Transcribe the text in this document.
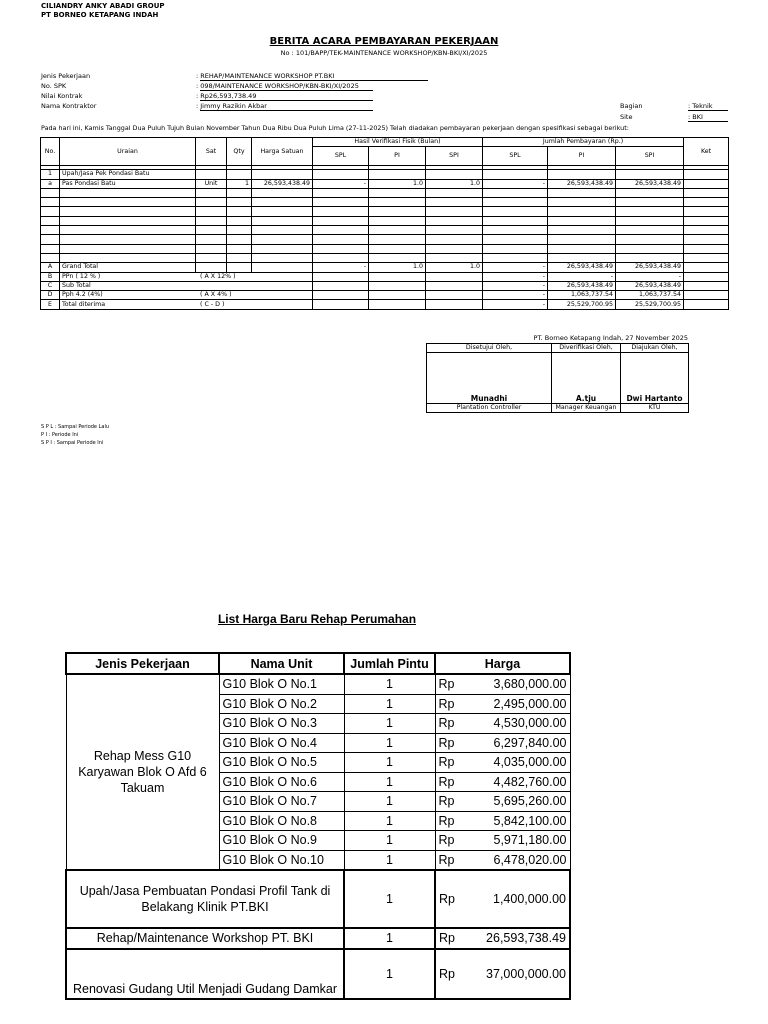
CILIANDRY ANKY ABADI GROUP
PT BORNEO KETAPANG INDAH
BERITA ACARA PEMBAYARAN PEKERJAAN
No : 101/BAPP/TEK-MAINTENANCE WORKSHOP/KBN-BKI/XI/2025
Jenis Pekerjaan	: REHAP/MAINTENANCE WORKSHOP PT.BKI
No. SPK	: 098/MAINTENANCE WORKSHOP/KBN-BKI/XI/2025
Nilai Kontrak	: Rp26,593,738.49
Nama Kontraktor	: Jimmy Razikin Akbar	Bagian	: Teknik
Site	: BKI
Pada hari ini, Kamis Tanggal Dua Puluh Tujuh Bulan November Tahun Dua Ribu Dua Puluh Lima (27-11-2025) Telah diadakan pembayaran pekerjaan dengan spesifikasi sebagai berikut:
No.	Uraian	Sat	Qty	Harga Satuan	Hasil Verifikasi Fisik (Bulan)			Jumlah Pembayaran (Rp.)			Ket
					SPL	PI	SPI	SPL	PI	SPI	

1	Upah/Jasa Pek Pondasi Batu										
a	Pas Pondasi Batu	Unit	1	26,593,438.49	-	1.0	1.0	-	26,593,438.49	26,593,438.49	

A	Grand Total				-	1.0	1.0	-	26,593,438.49	26,593,438.49	
B	PPn ( 12 % ) ( A X 12% )							-	-	-	
C	Sub Total							-	26,593,438.49	26,593,438.49	
D	Pph 4.2 (4%) ( A X 4% )							-	1,063,737.54	1,063,737.54	
E	Total diterima ( C - D )							-	25,529,700.95	25,529,700.95	
PT. Borneo Ketapang Indah, 27 November 2025
Disetujui Oleh,	Diverifikasi Oleh,	Diajukan Oleh,
Munadhi	A.tju	Dwi Hartanto
Plantation Controller	Manager Keuangan	KTU
S P L : Sampai Periode Lalu
P I : Periode Ini
S P I : Sampai Periode Ini
List Harga Baru Rehap Perumahan
Jenis Pekerjaan	Nama Unit	Jumlah Pintu	Harga	
Rehap Mess G10 Karyawan Blok O Afd 6 Takuam	G10 Blok O No.1	1	Rp	3,680,000.00
	G10 Blok O No.2	1	Rp	2,495,000.00
	G10 Blok O No.3	1	Rp	4,530,000.00
	G10 Blok O No.4	1	Rp	6,297,840.00
	G10 Blok O No.5	1	Rp	4,035,000.00
	G10 Blok O No.6	1	Rp	4,482,760.00
	G10 Blok O No.7	1	Rp	5,695,260.00
	G10 Blok O No.8	1	Rp	5,842,100.00
	G10 Blok O No.9	1	Rp	5,971,180.00
	G10 Blok O No.10	1	Rp	6,478,020.00
Upah/Jasa Pembuatan Pondasi Profil Tank di Belakang Klinik PT.BKI		1	Rp	1,400,000.00
Rehap/Maintenance Workshop PT. BKI		1	Rp	26,593,738.49
Renovasi Gudang Util Menjadi Gudang Damkar		1	Rp	37,000,000.00
